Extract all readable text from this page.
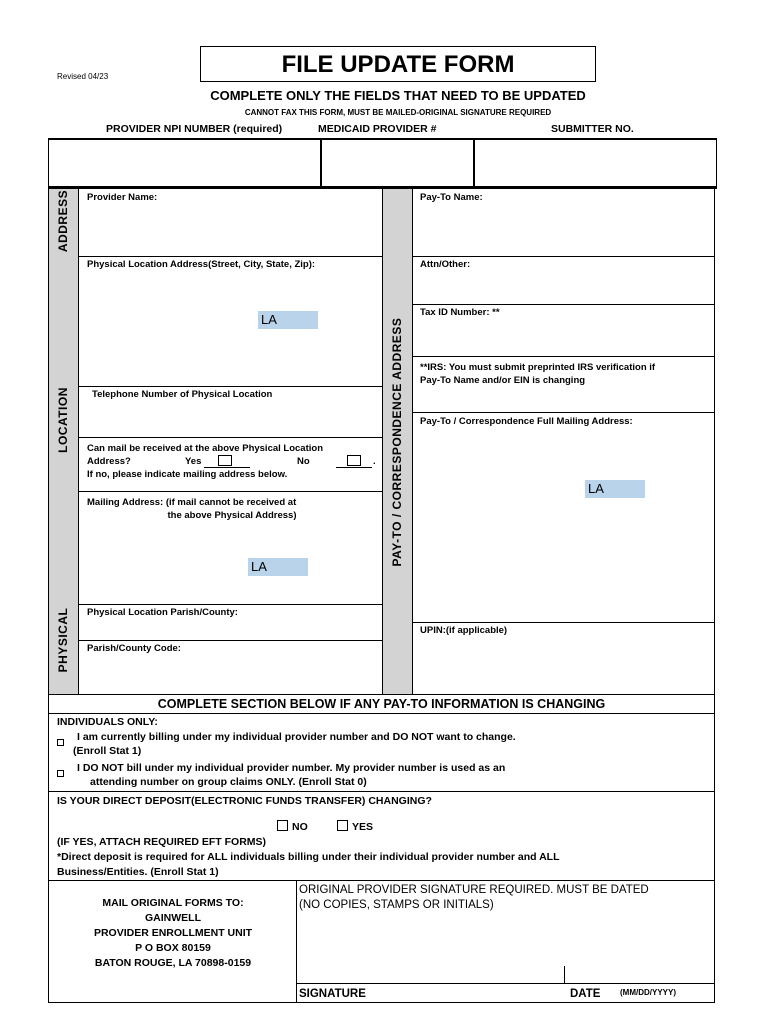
Revised 04/23	FILE UPDATE FORM
COMPLETE ONLY THE FIELDS THAT NEED TO BE UPDATED
CANNOT FAX THIS FORM, MUST BE MAILED-ORIGINAL SIGNATURE REQUIRED
PROVIDER NPI NUMBER (required)	MEDICAID PROVIDER #	SUBMITTER NO.
ADDRESS
LOCATION
PHYSICAL
PAY-TO / CORRESPONDENCE ADDRESS
Provider Name:
Physical Location Address(Street, City, State, Zip):
LA
Telephone Number of Physical Location
Can mail be received at the above Physical Location
Address?	Yes	No	.
If no, please indicate mailing address below.
Mailing Address: (if mail cannot be received at
the above Physical Address)
LA
Physical Location Parish/County:
Parish/County Code:
Pay-To Name:
Attn/Other:
Tax ID Number: **
**IRS: You must submit preprinted IRS verification if
Pay-To Name and/or EIN is changing
Pay-To / Correspondence Full Mailing Address:
LA
UPIN:(if applicable)
COMPLETE SECTION BELOW IF ANY PAY-TO INFORMATION IS CHANGING
INDIVIDUALS ONLY:
I am currently billing under my individual provider number and DO NOT want to change.
(Enroll Stat 1)
I DO NOT bill under my individual provider number. My provider number is used as an
attending number on group claims ONLY. (Enroll Stat 0)
IS YOUR DIRECT DEPOSIT(ELECTRONIC FUNDS TRANSFER) CHANGING?
NO	YES
(IF YES, ATTACH REQUIRED EFT FORMS)
*Direct deposit is required for ALL individuals billing under their individual provider number and ALL
Business/Entities. (Enroll Stat 1)
MAIL ORIGINAL FORMS TO:
GAINWELL
PROVIDER ENROLLMENT UNIT
P O BOX 80159
BATON ROUGE, LA 70898-0159
ORIGINAL PROVIDER SIGNATURE REQUIRED. MUST BE DATED
(NO COPIES, STAMPS OR INITIALS)
SIGNATURE	DATE (MM/DD/YYYY)
